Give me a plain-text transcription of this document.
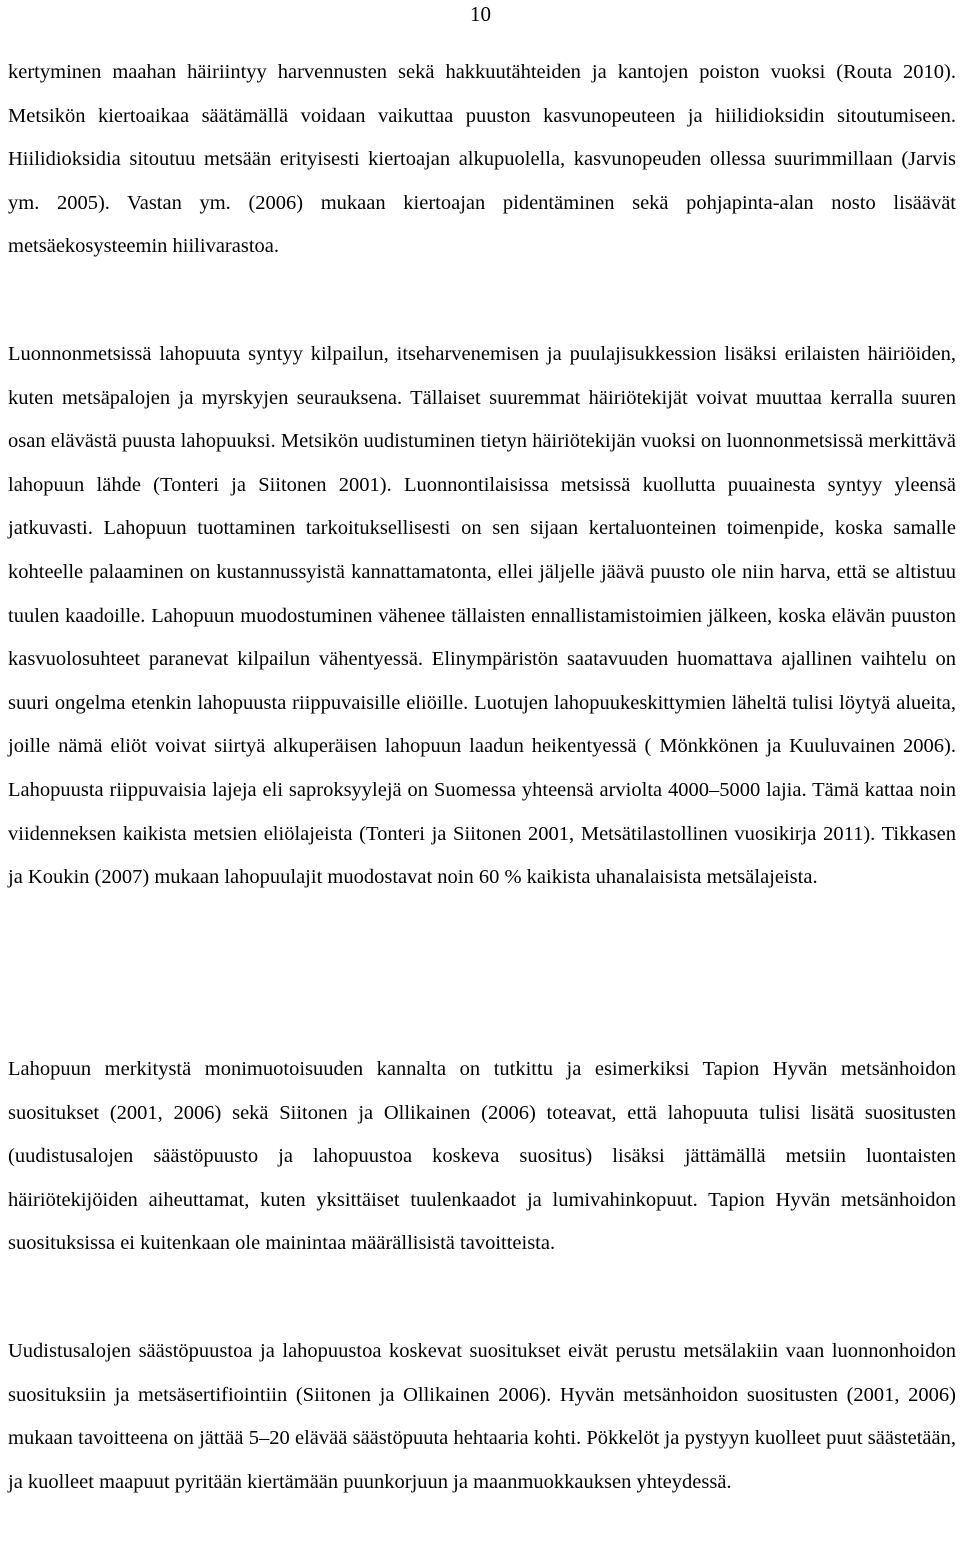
10

kertyminen maahan häiriintyy harvennusten sekä hakkuutähteiden ja kantojen poiston vuoksi (Routa 2010). Metsikön kiertoaikaa säätämällä voidaan vaikuttaa puuston kasvunopeuteen ja hiilidioksidin sitoutumiseen. Hiilidioksidia sitoutuu metsään erityisesti kiertoajan alkupuolella, kasvunopeuden ollessa suurimmillaan (Jarvis ym. 2005). Vastan ym. (2006) mukaan kiertoajan pidentäminen sekä pohjapinta-alan nosto lisäävät metsäekosysteemin hiilivarastoa.

Luonnonmetsissä lahopuuta syntyy kilpailun, itseharvenemisen ja puulajisukkession lisäksi erilaisten häiriöiden, kuten metsäpalojen ja myrskyjen seurauksena. Tällaiset suuremmat häiriötekijät voivat muuttaa kerralla suuren osan elävästä puusta lahopuuksi. Metsikön uudistuminen tietyn häiriötekijän vuoksi on luonnonmetsissä merkittävä lahopuun lähde (Tonteri ja Siitonen 2001). Luonnontilaisissa metsissä kuollutta puuainesta syntyy yleensä jatkuvasti. Lahopuun tuottaminen tarkoituksellisesti on sen sijaan kertaluonteinen toimenpide, koska samalle kohteelle palaaminen on kustannussyistä kannattamatonta, ellei jäljelle jäävä puusto ole niin harva, että se altistuu tuulen kaadoille. Lahopuun muodostuminen vähenee tällaisten ennallistamistoimien jälkeen, koska elävän puuston kasvuolosuhteet paranevat kilpailun vähentyessä. Elinympäristön saatavuuden huomattava ajallinen vaihtelu on suuri ongelma etenkin lahopuusta riippuvaisille eliöille. Luotujen lahopuukeskittymien läheltä tulisi löytyä alueita, joille nämä eliöt voivat siirtyä alkuperäisen lahopuun laadun heikentyessä ( Mönkkönen ja Kuuluvainen 2006). Lahopuusta riippuvaisia lajeja eli saproksyylejä on Suomessa yhteensä arviolta 4000–5000 lajia. Tämä kattaa noin viidenneksen kaikista metsien eliölajeista (Tonteri ja Siitonen 2001, Metsätilastollinen vuosikirja 2011). Tikkasen ja Koukin (2007) mukaan lahopuulajit muodostavat noin 60 % kaikista uhanalaisista metsälajeista.

Lahopuun merkitystä monimuotoisuuden kannalta on tutkittu ja esimerkiksi Tapion Hyvän metsänhoidon suositukset (2001, 2006) sekä Siitonen ja Ollikainen (2006) toteavat, että lahopuuta tulisi lisätä suositusten (uudistusalojen säästöpuusto ja lahopuustoa koskeva suositus) lisäksi jättämällä metsiin luontaisten häiriötekijöiden aiheuttamat, kuten yksittäiset tuulenkaadot ja lumivahinkopuut. Tapion Hyvän metsänhoidon suosituksissa ei kuitenkaan ole mainintaa määrällisistä tavoitteista.

Uudistusalojen säästöpuustoa ja lahopuustoa koskevat suositukset eivät perustu metsälakiin vaan luonnonhoidon suosituksiin ja metsäsertifiointiin (Siitonen ja Ollikainen 2006). Hyvän metsänhoidon suositusten (2001, 2006) mukaan tavoitteena on jättää 5–20 elävää säästöpuuta hehtaaria kohti. Pökkelöt ja pystyyn kuolleet puut säästetään, ja kuolleet maapuut pyritään kiertämään puunkorjuun ja maanmuokkauksen yhteydessä.
